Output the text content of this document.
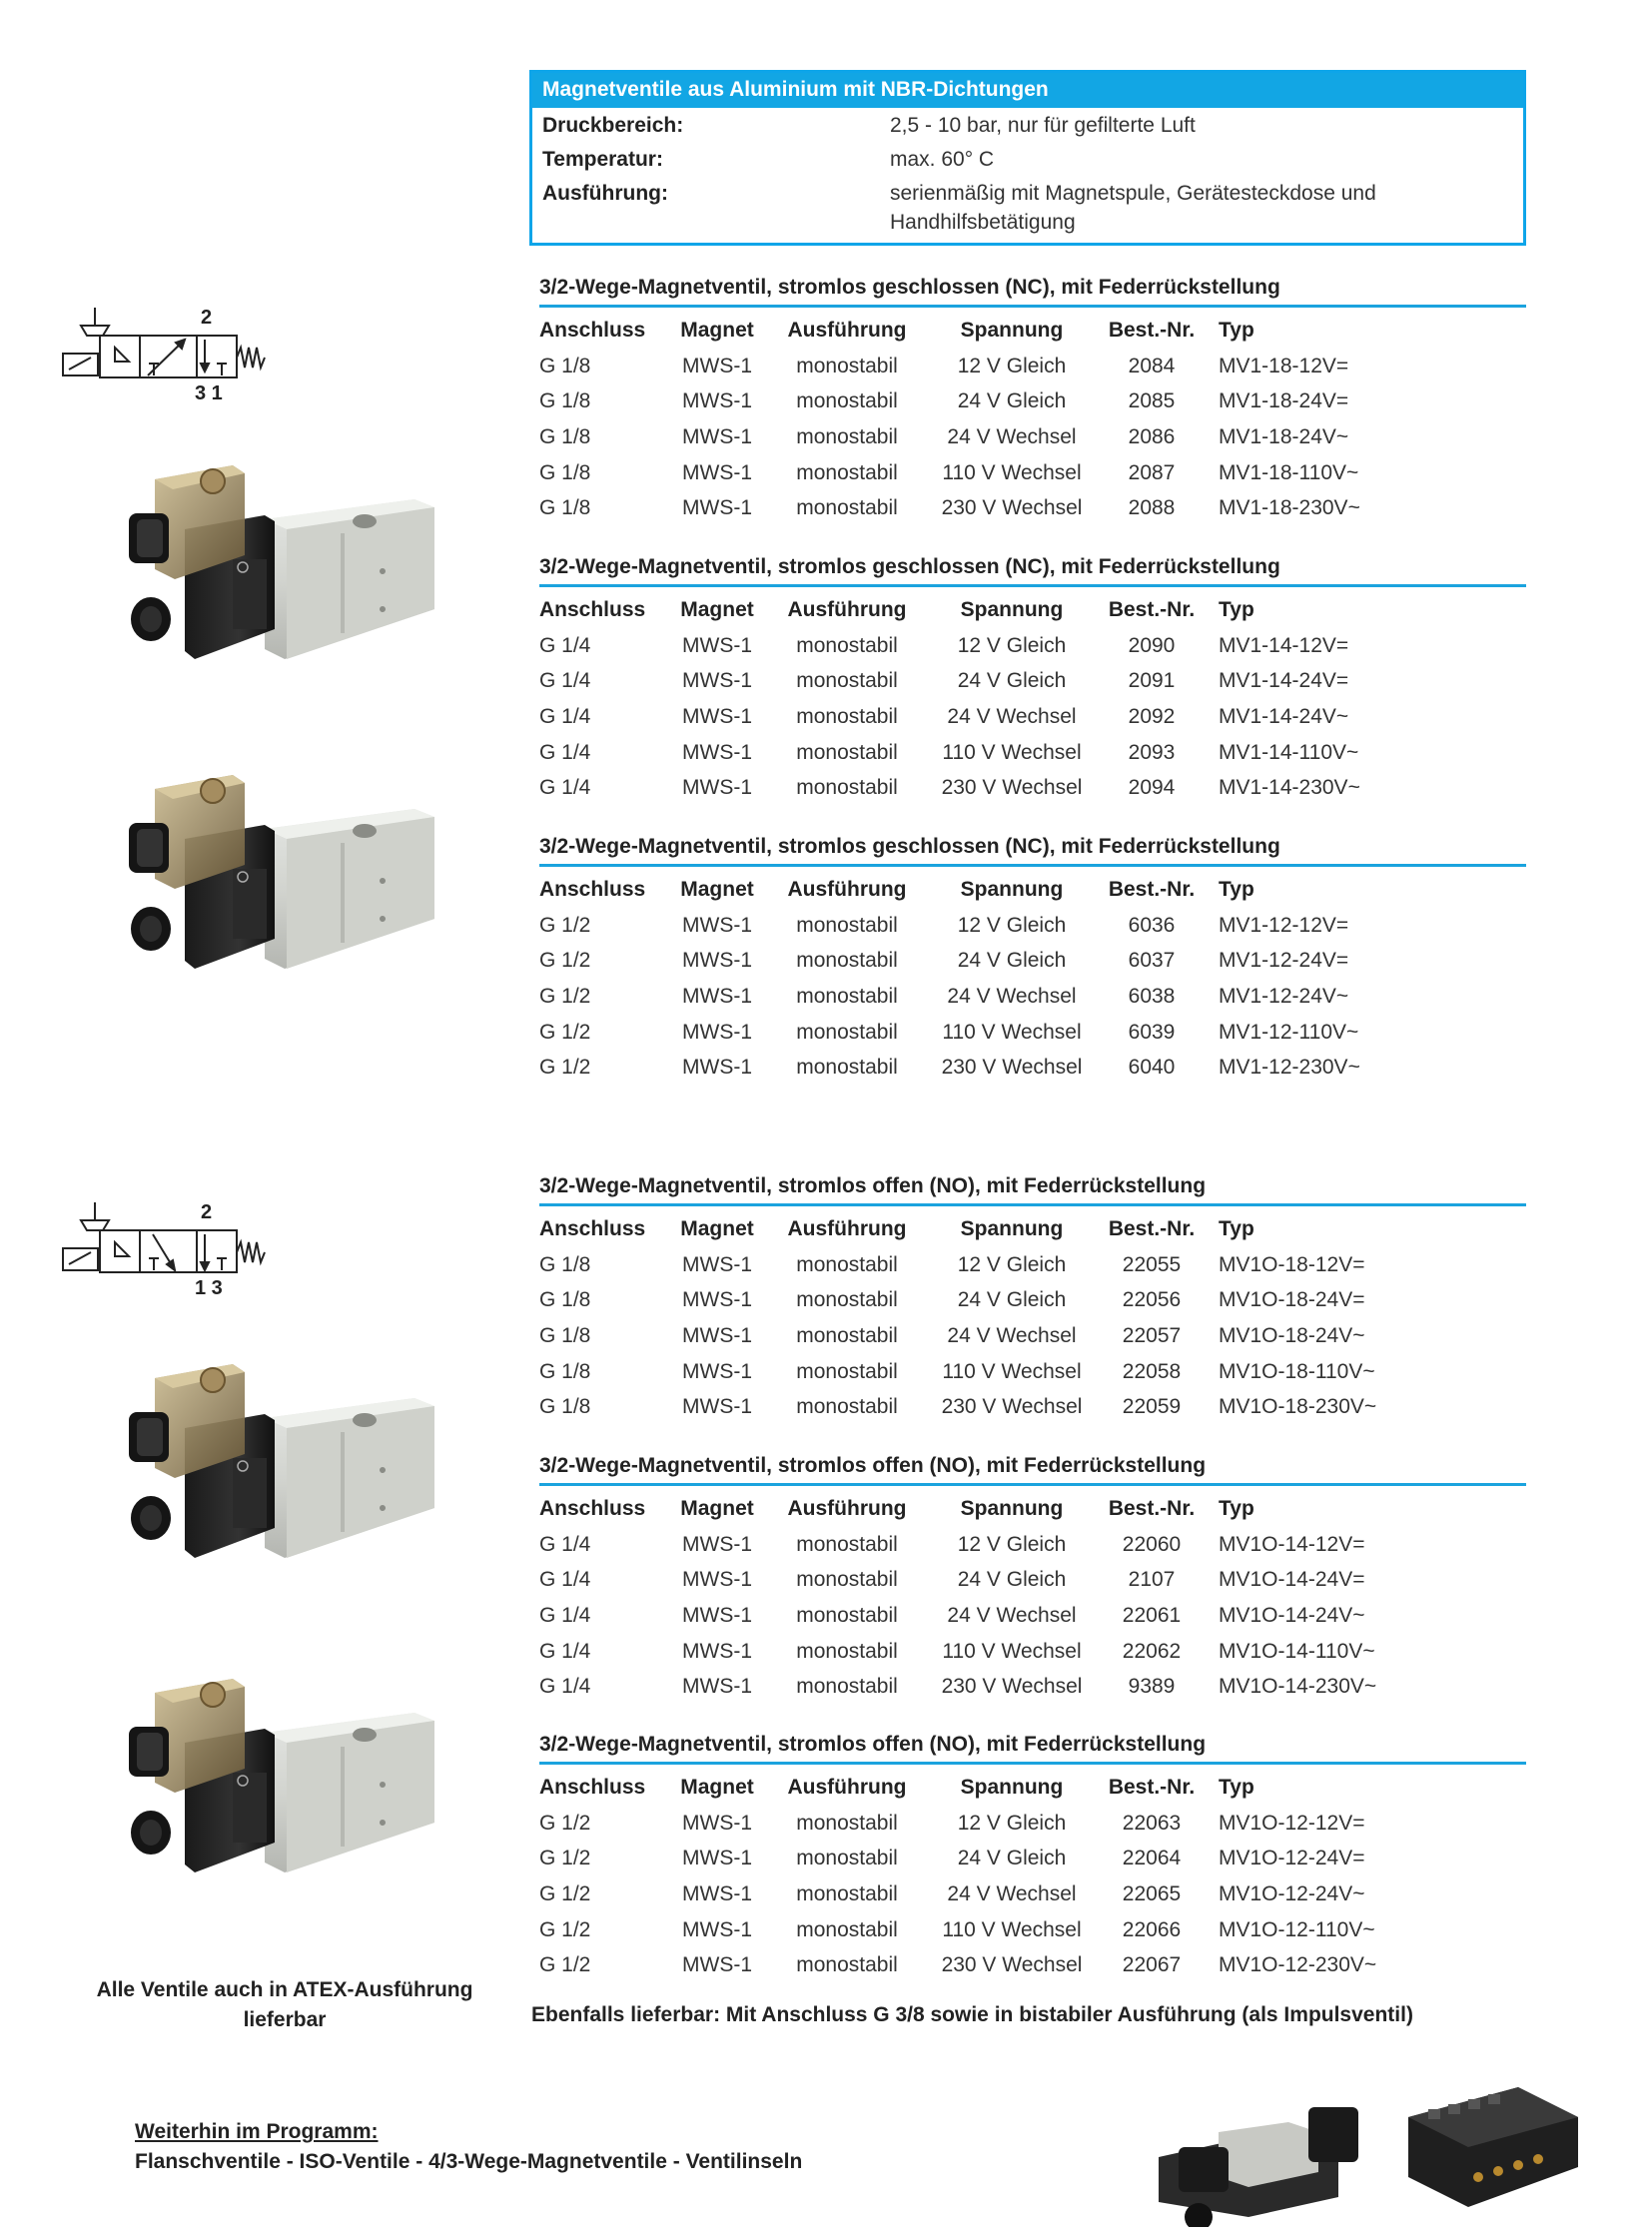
Magnetventile aus Aluminium mit NBR-Dichtungen
Druckbereich:	2,5 - 10 bar, nur für gefilterte Luft
Temperatur:	max. 60° C
Ausführung:	serienmäßig mit Magnetspule, Gerätesteckdose und Handhilfsbetätigung
3/2-Wege-Magnetventil, stromlos geschlossen (NC), mit Federrückstellung
Anschluss	Magnet	Ausführung	Spannung	Best.-Nr.	Typ
G 1/8	MWS-1	monostabil	12 V Gleich	2084	MV1-18-12V=
G 1/8	MWS-1	monostabil	24 V Gleich	2085	MV1-18-24V=
G 1/8	MWS-1	monostabil	24 V Wechsel	2086	MV1-18-24V~
G 1/8	MWS-1	monostabil	110 V Wechsel	2087	MV1-18-110V~
G 1/8	MWS-1	monostabil	230 V Wechsel	2088	MV1-18-230V~
3/2-Wege-Magnetventil, stromlos geschlossen (NC), mit Federrückstellung
Anschluss	Magnet	Ausführung	Spannung	Best.-Nr.	Typ
G 1/4	MWS-1	monostabil	12 V Gleich	2090	MV1-14-12V=
G 1/4	MWS-1	monostabil	24 V Gleich	2091	MV1-14-24V=
G 1/4	MWS-1	monostabil	24 V Wechsel	2092	MV1-14-24V~
G 1/4	MWS-1	monostabil	110 V Wechsel	2093	MV1-14-110V~
G 1/4	MWS-1	monostabil	230 V Wechsel	2094	MV1-14-230V~
3/2-Wege-Magnetventil, stromlos geschlossen (NC), mit Federrückstellung
Anschluss	Magnet	Ausführung	Spannung	Best.-Nr.	Typ
G 1/2	MWS-1	monostabil	12 V Gleich	6036	MV1-12-12V=
G 1/2	MWS-1	monostabil	24 V Gleich	6037	MV1-12-24V=
G 1/2	MWS-1	monostabil	24 V Wechsel	6038	MV1-12-24V~
G 1/2	MWS-1	monostabil	110 V Wechsel	6039	MV1-12-110V~
G 1/2	MWS-1	monostabil	230 V Wechsel	6040	MV1-12-230V~
3/2-Wege-Magnetventil, stromlos offen (NO), mit Federrückstellung
Anschluss	Magnet	Ausführung	Spannung	Best.-Nr.	Typ
G 1/8	MWS-1	monostabil	12 V Gleich	22055	MV1O-18-12V=
G 1/8	MWS-1	monostabil	24 V Gleich	22056	MV1O-18-24V=
G 1/8	MWS-1	monostabil	24 V Wechsel	22057	MV1O-18-24V~
G 1/8	MWS-1	monostabil	110 V Wechsel	22058	MV1O-18-110V~
G 1/8	MWS-1	monostabil	230 V Wechsel	22059	MV1O-18-230V~
3/2-Wege-Magnetventil, stromlos offen (NO), mit Federrückstellung
Anschluss	Magnet	Ausführung	Spannung	Best.-Nr.	Typ
G 1/4	MWS-1	monostabil	12 V Gleich	22060	MV1O-14-12V=
G 1/4	MWS-1	monostabil	24 V Gleich	2107	MV1O-14-24V=
G 1/4	MWS-1	monostabil	24 V Wechsel	22061	MV1O-14-24V~
G 1/4	MWS-1	monostabil	110 V Wechsel	22062	MV1O-14-110V~
G 1/4	MWS-1	monostabil	230 V Wechsel	9389	MV1O-14-230V~
3/2-Wege-Magnetventil, stromlos offen (NO), mit Federrückstellung
Anschluss	Magnet	Ausführung	Spannung	Best.-Nr.	Typ
G 1/2	MWS-1	monostabil	12 V Gleich	22063	MV1O-12-12V=
G 1/2	MWS-1	monostabil	24 V Gleich	22064	MV1O-12-24V=
G 1/2	MWS-1	monostabil	24 V Wechsel	22065	MV1O-12-24V~
G 1/2	MWS-1	monostabil	110 V Wechsel	22066	MV1O-12-110V~
G 1/2	MWS-1	monostabil	230 V Wechsel	22067	MV1O-12-230V~
2
3 1
2
1 3
Alle Ventile auch in ATEX-Ausführung lieferbar	Ebenfalls lieferbar: Mit Anschluss G 3/8 sowie in bistabiler Ausführung (als Impulsventil)
Weiterhin im Programm:
Flanschventile - ISO-Ventile - 4/3-Wege-Magnetventile - Ventilinseln
